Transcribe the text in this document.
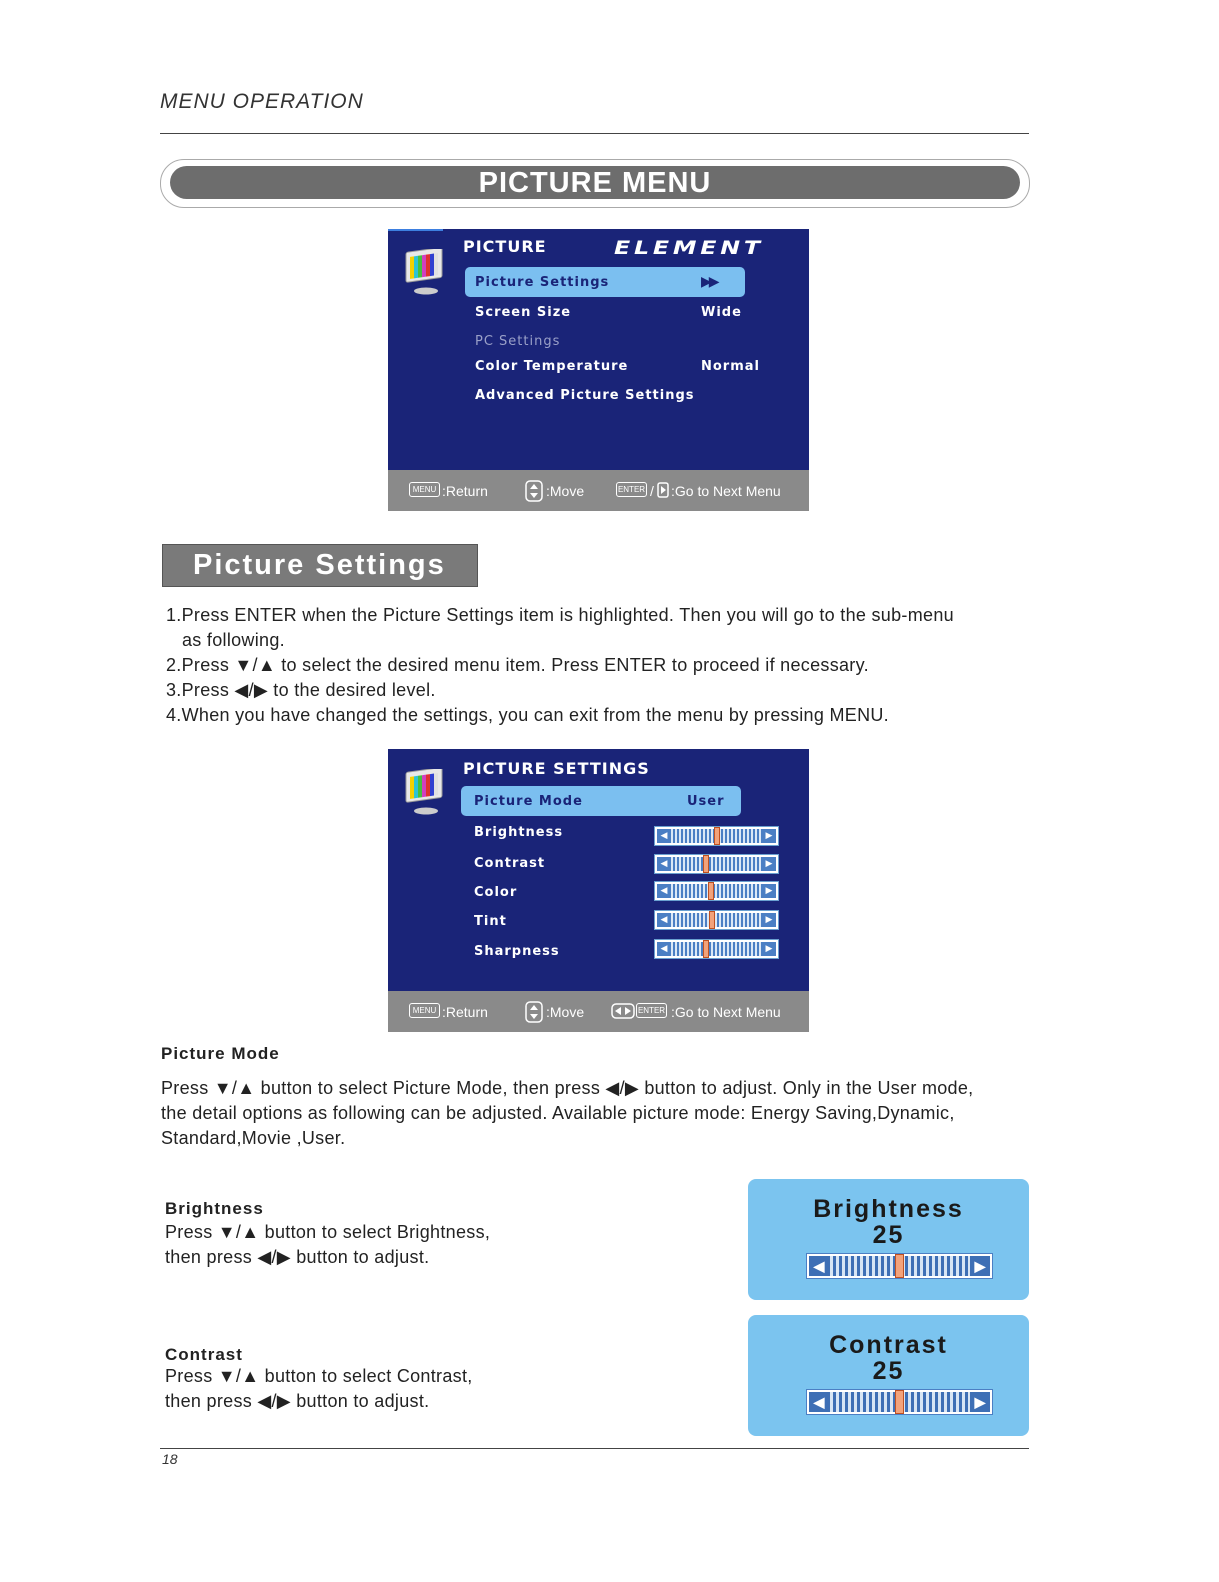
MENU OPERATION
PICTURE MENU
PICTURE	ELEMENT
Picture Settings	▶▶
Screen Size	Wide
PC Settings
Color Temperature	Normal
Advanced Picture Settings
MENU :Return	:Move	ENTER / :Go to Next Menu
Picture Settings
1.Press ENTER when the Picture Settings item is highlighted. Then you will go to the sub-menu
as following.
2.Press ▼/▲ to select the desired menu item. Press ENTER to proceed if necessary.
3.Press ◀/▶ to the desired level.
4.When you have changed the settings, you can exit from the menu by pressing MENU.
PICTURE SETTINGS
Picture Mode	User
Brightness	◀	▶
Contrast	◀	▶
Color	◀	▶
Tint	◀	▶
Sharpness	◀	▶
MENU :Return	:Move	ENTER :Go to Next Menu
Picture Mode
Press ▼/▲ button to select Picture Mode, then press ◀/▶ button to adjust. Only in the User mode,
the detail options as following can be adjusted. Available picture mode: Energy Saving,Dynamic,
Standard,Movie ,User.
Brightness
Press ▼/▲ button to select Brightness,
then press ◀/▶ button to adjust.
Brightness
25
◀	▶
Contrast
Press ▼/▲ button to select Contrast,
then press ◀/▶ button to adjust.
Contrast
25
◀	▶
18
